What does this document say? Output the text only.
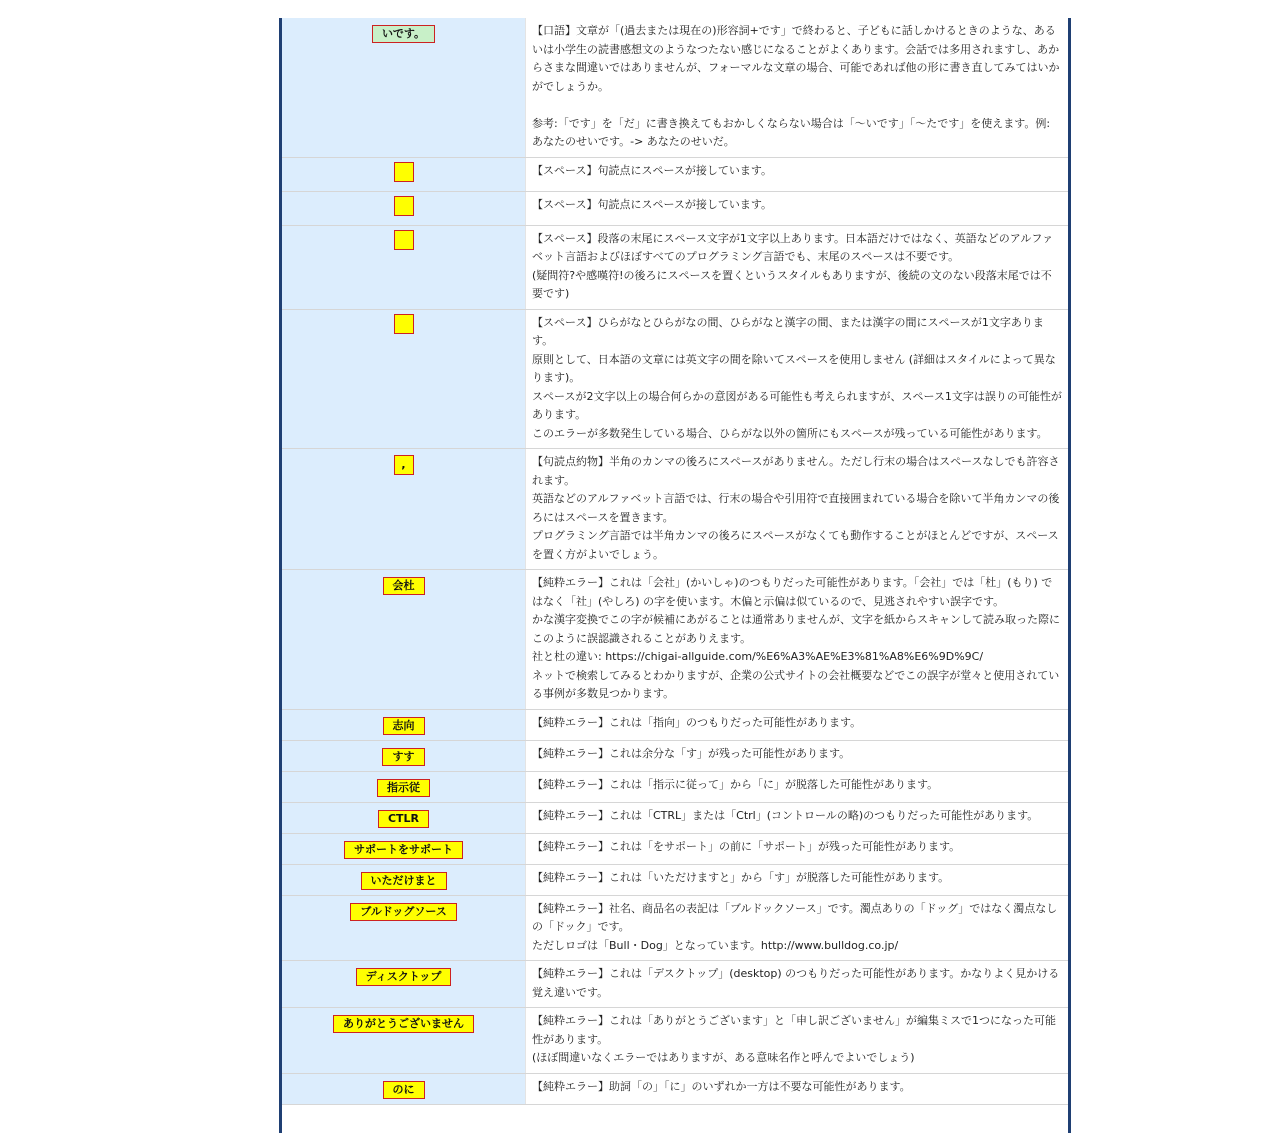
いです。	【口語】文章が「(過去または現在の)形容詞+です」で終わると、子どもに話しかけるときのような、あるいは小学生の読書感想文のようなつたない感じになることがよくあります。会話では多用されますし、あからさまな間違いではありませんが、フォーマルな文章の場合、可能であれば他の形に書き直してみてはいかがでしょうか。
参考:「です」を「だ」に書き換えてもおかしくならない場合は「〜いです」「〜たです」を使えます。例: あなたのせいです。-> あなたのせいだ。

	【スペース】句読点にスペースが接しています。

	【スペース】句読点にスペースが接しています。

	【スペース】段落の末尾にスペース文字が1文字以上あります。日本語だけではなく、英語などのアルファベット言語およびほぼすべてのプログラミング言語でも、末尾のスペースは不要です。
(疑問符?や感嘆符!の後ろにスペースを置くというスタイルもありますが、後続の文のない段落末尾では不要です)

	【スペース】ひらがなとひらがなの間、ひらがなと漢字の間、または漢字の間にスペースが1文字あります。
原則として、日本語の文章には英文字の間を除いてスペースを使用しません (詳細はスタイルによって異なります)。
スペースが2文字以上の場合何らかの意図がある可能性も考えられますが、スペース1文字は誤りの可能性があります。
このエラーが多数発生している場合、ひらがな以外の箇所にもスペースが残っている可能性があります。

,	【句読点約物】半角のカンマの後ろにスペースがありません。ただし行末の場合はスペースなしでも許容されます。
英語などのアルファベット言語では、行末の場合や引用符で直接囲まれている場合を除いて半角カンマの後ろにはスペースを置きます。
プログラミング言語では半角カンマの後ろにスペースがなくても動作することがほとんどですが、スペースを置く方がよいでしょう。

会杜	【純粋エラー】これは「会社」(かいしゃ)のつもりだった可能性があります。「会社」では「杜」(もり) ではなく「社」(やしろ) の字を使います。木偏と示偏は似ているので、見逃されやすい誤字です。
かな漢字変換でこの字が候補にあがることは通常ありませんが、文字を紙からスキャンして読み取った際にこのように誤認識されることがありえます。
社と杜の違い: https://chigai-allguide.com/%E6%A3%AE%E3%81%A8%E6%9D%9C/
ネットで検索してみるとわかりますが、企業の公式サイトの会社概要などでこの誤字が堂々と使用されている事例が多数見つかります。

志向	【純粋エラー】これは「指向」のつもりだった可能性があります。

すす	【純粋エラー】これは余分な「す」が残った可能性があります。

指示従	【純粋エラー】これは「指示に従って」から「に」が脱落した可能性があります。

CTLR	【純粋エラー】これは「CTRL」または「Ctrl」(コントロールの略)のつもりだった可能性があります。

サポートをサポート	【純粋エラー】これは「をサポート」の前に「サポート」が残った可能性があります。

いただけまと	【純粋エラー】これは「いただけますと」から「す」が脱落した可能性があります。

ブルドッグソース	【純粋エラー】社名、商品名の表記は「ブルドックソース」です。濁点ありの「ドッグ」ではなく濁点なしの「ドック」です。
ただしロゴは「Bull・Dog」となっています。http://www.bulldog.co.jp/

ディスクトップ	【純粋エラー】これは「デスクトップ」(desktop) のつもりだった可能性があります。かなりよく見かける覚え違いです。

ありがとうございません	【純粋エラー】これは「ありがとうございます」と「申し訳ございません」が編集ミスで1つになった可能性があります。
(ほぼ間違いなくエラーではありますが、ある意味名作と呼んでよいでしょう)

のに	【純粋エラー】助詞「の」「に」のいずれか一方は不要な可能性があります。
